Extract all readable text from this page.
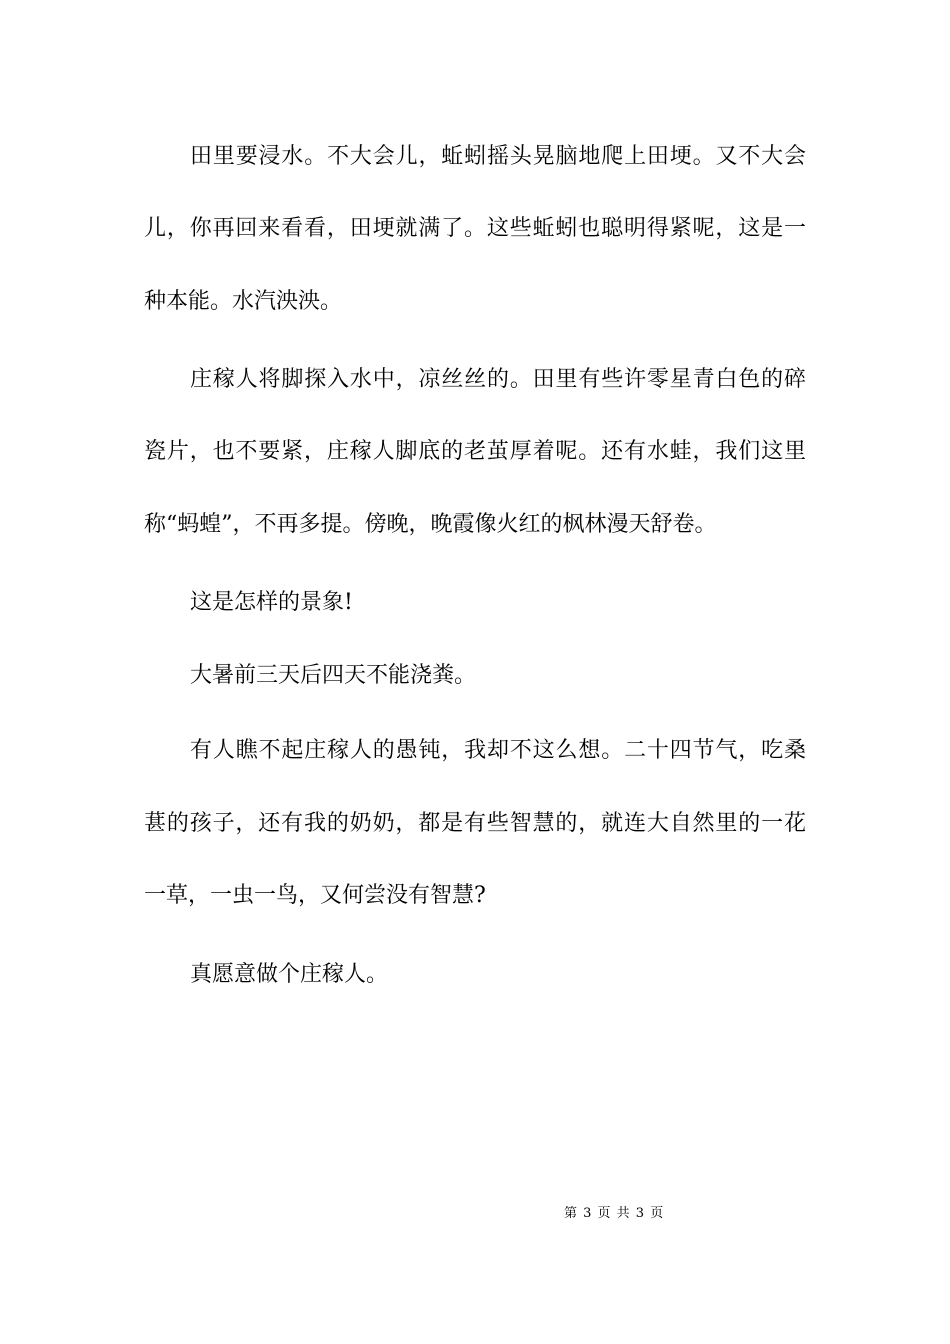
田里要浸水。不大会儿，蚯蚓摇头晃脑地爬上田埂。又不大会
儿，你再回来看看，田埂就满了。这些蚯蚓也聪明得紧呢，这是一
种本能。水汽泱泱。
庄稼人将脚探入水中，凉丝丝的。田里有些许零星青白色的碎
瓷片，也不要紧，庄稼人脚底的老茧厚着呢。还有水蛙，我们这里
称“蚂蝗”，不再多提。傍晚，晚霞像火红的枫林漫天舒卷。
这是怎样的景象!
大暑前三天后四天不能浇粪。
有人瞧不起庄稼人的愚钝，我却不这么想。二十四节气，吃桑
葚的孩子，还有我的奶奶，都是有些智慧的，就连大自然里的一花
一草，一虫一鸟，又何尝没有智慧?
真愿意做个庄稼人。
第 3 页 共 3 页
